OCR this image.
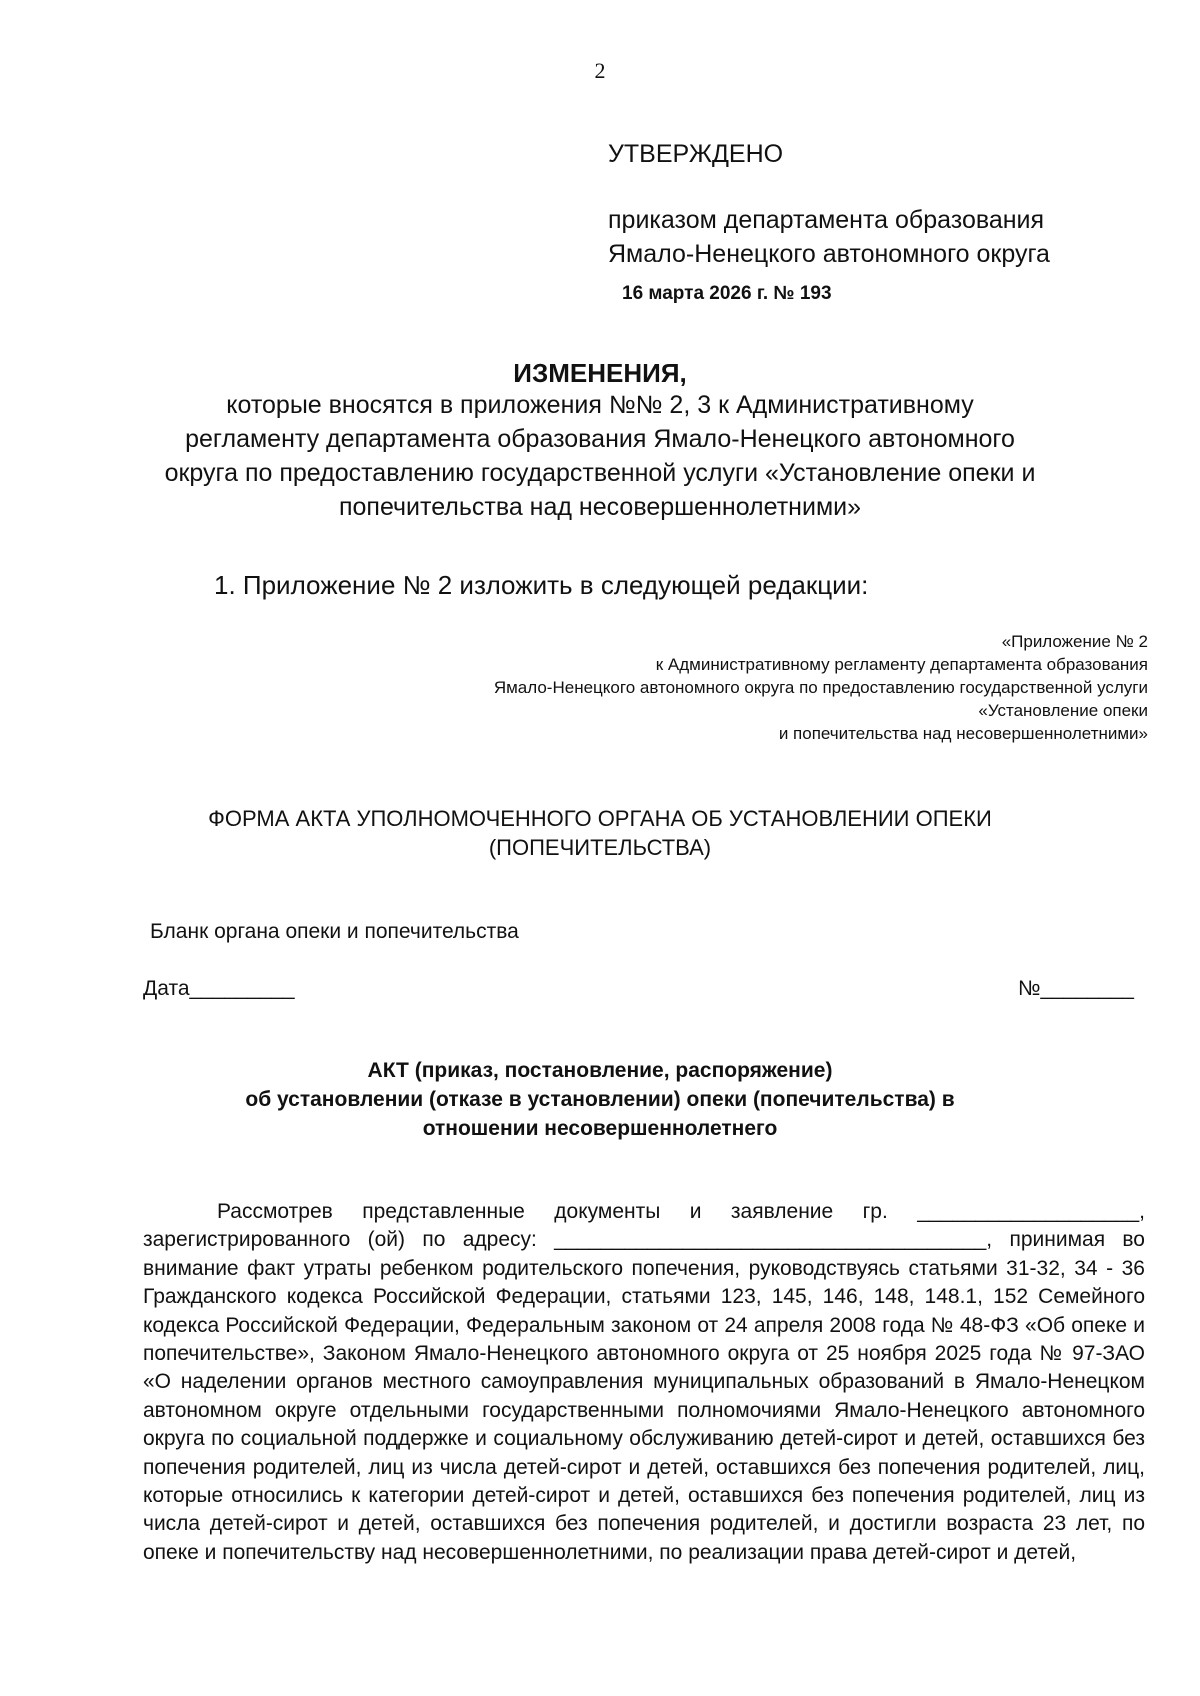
2
УТВЕРЖДЕНО
приказом департамента образования
Ямало-Ненецкого автономного округа
16 марта 2026 г. № 193
ИЗМЕНЕНИЯ,
которые вносятся в приложения №№ 2, 3 к Административному
регламенту департамента образования Ямало-Ненецкого автономного
округа по предоставлению государственной услуги «Установление опеки и
попечительства над несовершеннолетними»
1. Приложение № 2 изложить в следующей редакции:
«Приложение № 2
к Административному регламенту департамента образования
Ямало-Ненецкого автономного округа по предоставлению государственной услуги
«Установление опеки
и попечительства над несовершеннолетними»
ФОРМА АКТА УПОЛНОМОЧЕННОГО ОРГАНА ОБ УСТАНОВЛЕНИИ ОПЕКИ
(ПОПЕЧИТЕЛЬСТВА)
Бланк органа опеки и попечительства
Дата_________	№________
АКТ (приказ, постановление, распоряжение)
об установлении (отказе в установлении) опеки (попечительства) в
отношении несовершеннолетнего

Рассмотрев представленные документы и заявление гр. ___________________, зарегистрированного (ой) по адресу: _____________________________________, принимая во внимание факт утраты ребенком родительского попечения, руководствуясь статьями 31-32, 34 - 36 Гражданского кодекса Российской Федерации, статьями 123, 145, 146, 148, 148.1, 152 Семейного кодекса Российской Федерации, Федеральным законом от 24 апреля 2008 года № 48-ФЗ «Об опеке и попечительстве», Законом Ямало-Ненецкого автономного округа от 25 ноября 2025 года № 97-ЗАО «О наделении органов местного самоуправления муниципальных образований в Ямало-Ненецком автономном округе отдельными государственными полномочиями Ямало-Ненецкого автономного округа по социальной поддержке и социальному обслуживанию детей-сирот и детей, оставшихся без попечения родителей, лиц из числа детей-сирот и детей, оставшихся без попечения родителей, лиц, которые относились к категории детей-сирот и детей, оставшихся без попечения родителей, лиц из числа детей-сирот и детей, оставшихся без попечения родителей, и достигли возраста 23 лет, по опеке и попечительству над несовершеннолетними, по реализации права детей-сирот и детей,
